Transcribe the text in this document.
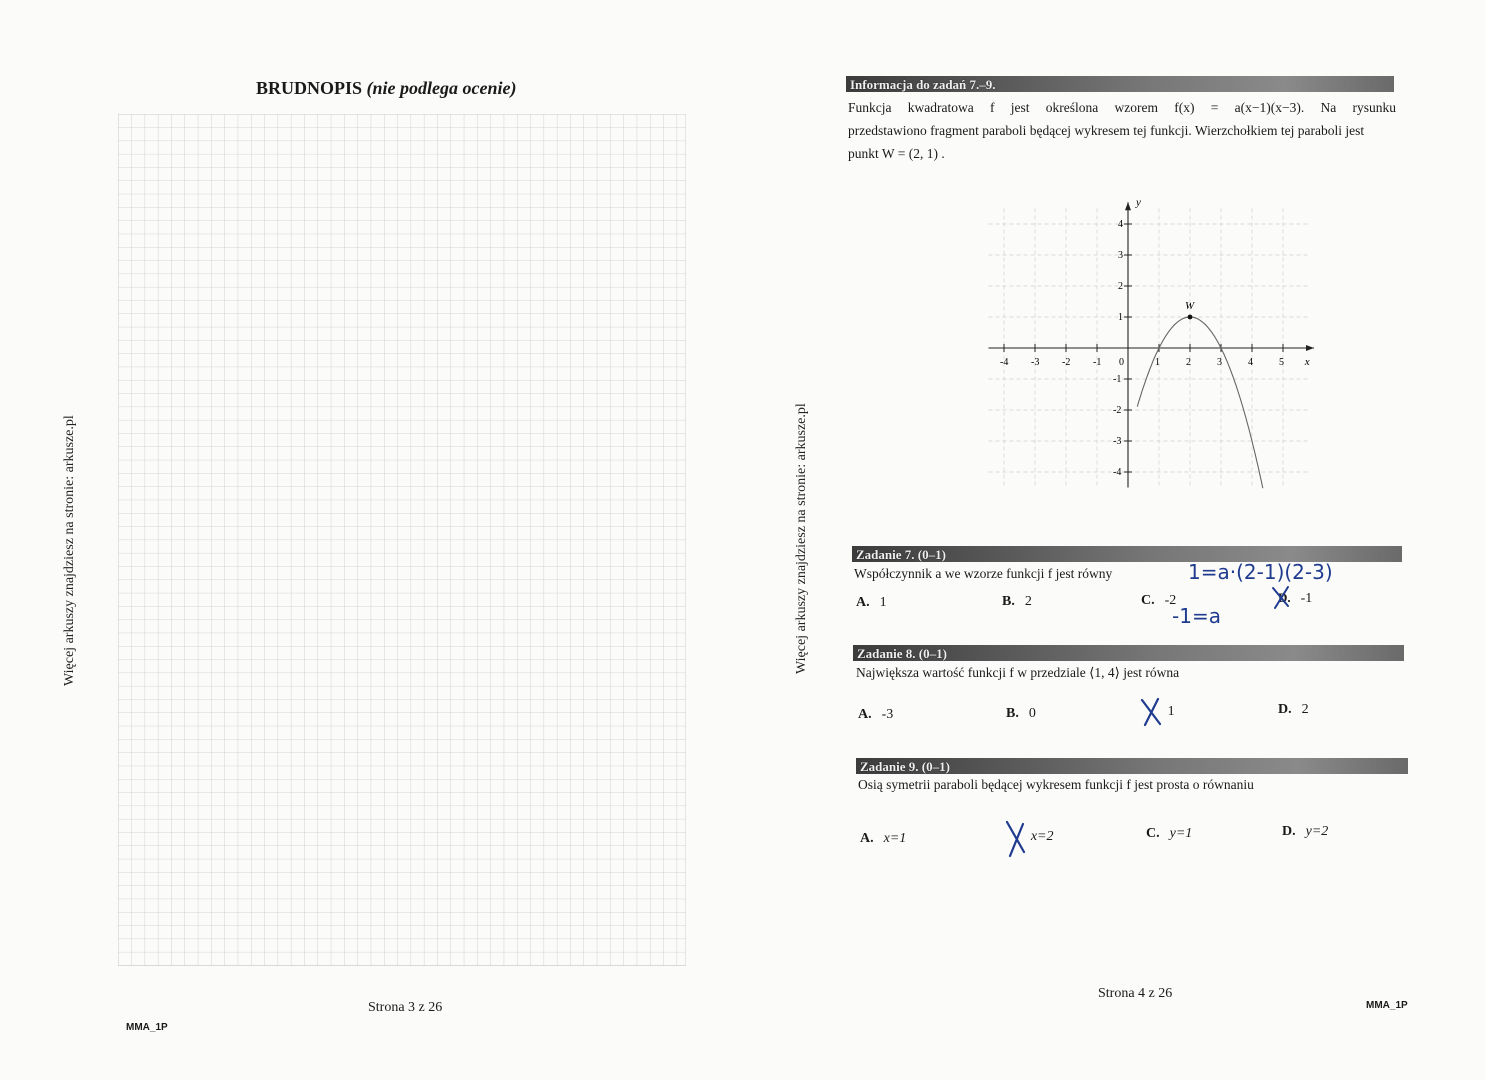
Więcej arkuszy znajdziesz na stronie: arkusze.pl
BRUDNOPIS (nie podlega ocenie)
Strona 3 z 26
MMA_1P
Więcej arkuszy znajdziesz na stronie: arkusze.pl
Informacja do zadań 7.–9.
Funkcja kwadratowa f jest określona wzorem f(x) = a(x−1)(x−3). Na rysunku
przedstawiono fragment paraboli będącej wykresem tej funkcji. Wierzchołkiem tej paraboli jest
punkt W = (2, 1) .
-4 -3 -2 -1	1	2	3	4	5
4
3
2
1
-1
-2
-3
-4
W
x
y
0
Zadanie 7. (0–1)
Współczynnik a we wzorze funkcji f jest równy
A. 1	B. 2	C. -2	D. -1
1=a·(2-1)(2-3)
-1=a
Zadanie 8. (0–1)
Największa wartość funkcji f w przedziale ⟨1, 4⟩ jest równa
A. -3	B. 0	1	D. 2
Zadanie 9. (0–1)
Osią symetrii paraboli będącej wykresem funkcji f jest prosta o równaniu
A. x=1	x=2	C. y=1	D. y=2
Strona 4 z 26
MMA_1P
